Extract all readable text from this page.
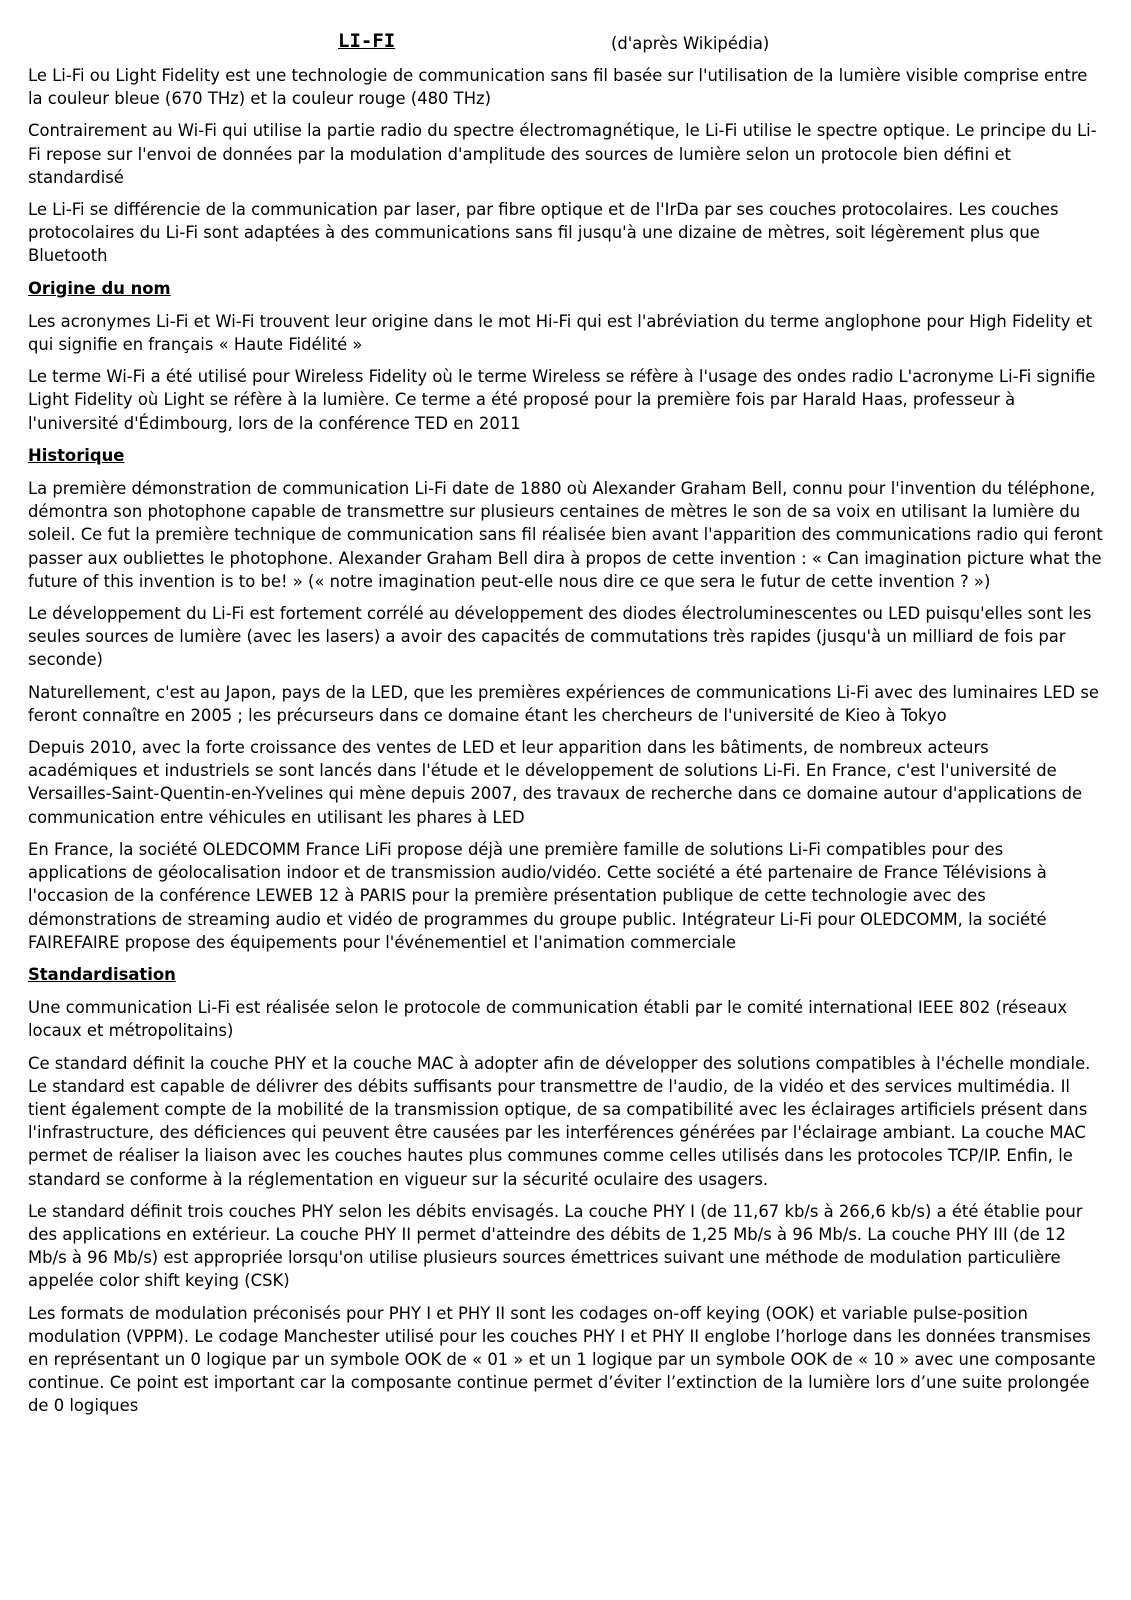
LI-FI	(d'après Wikipédia)

Le Li-Fi ou Light Fidelity est une technologie de communication sans fil basée sur l'utilisation de la lumière visible comprise entre la couleur bleue (670 THz) et la couleur rouge (480 THz)

Contrairement au Wi-Fi qui utilise la partie radio du spectre électromagnétique, le Li-Fi utilise le spectre optique. Le principe du Li-Fi repose sur l'envoi de données par la modulation d'amplitude des sources de lumière selon un protocole bien défini et standardisé

Le Li-Fi se différencie de la communication par laser, par fibre optique et de l'IrDa par ses couches protocolaires. Les couches protocolaires du Li-Fi sont adaptées à des communications sans fil jusqu'à une dizaine de mètres, soit légèrement plus que Bluetooth

Origine du nom

Les acronymes Li-Fi et Wi-Fi trouvent leur origine dans le mot Hi-Fi qui est l'abréviation du terme anglophone pour High Fidelity et qui signifie en français « Haute Fidélité »

Le terme Wi-Fi a été utilisé pour Wireless Fidelity où le terme Wireless se réfère à l'usage des ondes radio L'acronyme Li-Fi signifie Light Fidelity où Light se réfère à la lumière. Ce terme a été proposé pour la première fois par Harald Haas, professeur à l'université d'Édimbourg, lors de la conférence TED en 2011

Historique

La première démonstration de communication Li-Fi date de 1880 où Alexander Graham Bell, connu pour l'invention du téléphone, démontra son photophone capable de transmettre sur plusieurs centaines de mètres le son de sa voix en utilisant la lumière du soleil. Ce fut la première technique de communication sans fil réalisée bien avant l'apparition des communications radio qui feront passer aux oubliettes le photophone. Alexander Graham Bell dira à propos de cette invention : « Can imagination picture what the future of this invention is to be! » (« notre imagination peut-elle nous dire ce que sera le futur de cette invention ? »)

Le développement du Li-Fi est fortement corrélé au développement des diodes électroluminescentes ou LED puisqu'elles sont les seules sources de lumière (avec les lasers) a avoir des capacités de commutations très rapides (jusqu'à un milliard de fois par seconde)

Naturellement, c'est au Japon, pays de la LED, que les premières expériences de communications Li-Fi avec des luminaires LED se feront connaître en 2005 ; les précurseurs dans ce domaine étant les chercheurs de l'université de Kieo à Tokyo

Depuis 2010, avec la forte croissance des ventes de LED et leur apparition dans les bâtiments, de nombreux acteurs académiques et industriels se sont lancés dans l'étude et le développement de solutions Li-Fi. En France, c'est l'université de Versailles-Saint-Quentin-en-Yvelines qui mène depuis 2007, des travaux de recherche dans ce domaine autour d'applications de communication entre véhicules en utilisant les phares à LED

En France, la société OLEDCOMM France LiFi propose déjà une première famille de solutions Li-Fi compatibles pour des applications de géolocalisation indoor et de transmission audio/vidéo. Cette société a été partenaire de France Télévisions à l'occasion de la conférence LEWEB 12 à PARIS pour la première présentation publique de cette technologie avec des démonstrations de streaming audio et vidéo de programmes du groupe public. Intégrateur Li-Fi pour OLEDCOMM, la société FAIREFAIRE propose des équipements pour l'événementiel et l'animation commerciale

Standardisation

Une communication Li-Fi est réalisée selon le protocole de communication établi par le comité international IEEE 802 (réseaux locaux et métropolitains)

Ce standard définit la couche PHY et la couche MAC à adopter afin de développer des solutions compatibles à l'échelle mondiale. Le standard est capable de délivrer des débits suffisants pour transmettre de l'audio, de la vidéo et des services multimédia. Il tient également compte de la mobilité de la transmission optique, de sa compatibilité avec les éclairages artificiels présent dans l'infrastructure, des déficiences qui peuvent être causées par les interférences générées par l'éclairage ambiant. La couche MAC permet de réaliser la liaison avec les couches hautes plus communes comme celles utilisés dans les protocoles TCP/IP. Enfin, le standard se conforme à la réglementation en vigueur sur la sécurité oculaire des usagers.

Le standard définit trois couches PHY selon les débits envisagés. La couche PHY I (de 11,67 kb/s à 266,6 kb/s) a été établie pour des applications en extérieur. La couche PHY II permet d'atteindre des débits de 1,25 Mb/s à 96 Mb/s. La couche PHY III (de 12 Mb/s à 96 Mb/s) est appropriée lorsqu'on utilise plusieurs sources émettrices suivant une méthode de modulation particulière appelée color shift keying (CSK)

Les formats de modulation préconisés pour PHY I et PHY II sont les codages on-off keying (OOK) et variable pulse-position modulation (VPPM). Le codage Manchester utilisé pour les couches PHY I et PHY II englobe l’horloge dans les données transmises en représentant un 0 logique par un symbole OOK de « 01 » et un 1 logique par un symbole OOK de « 10 » avec une composante continue. Ce point est important car la composante continue permet d’éviter l’extinction de la lumière lors d’une suite prolongée de 0 logiques
